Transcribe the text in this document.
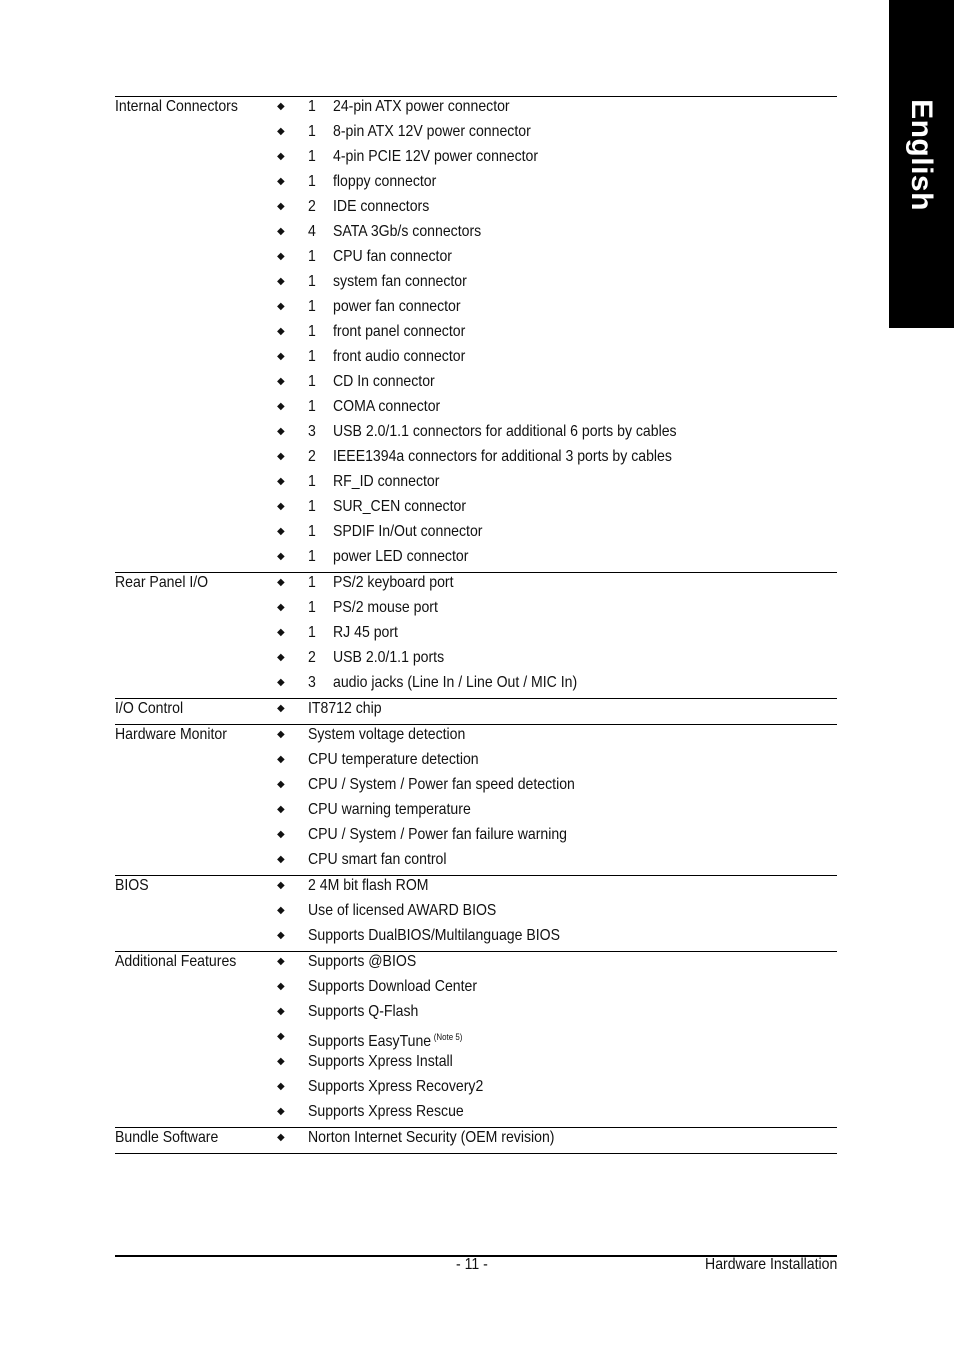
English
Internal Connectors	◆ 1 24-pin ATX power connector
◆ 1 8-pin ATX 12V power connector
◆ 1 4-pin PCIE 12V power connector
◆ 1 floppy connector
◆ 2 IDE connectors
◆ 4 SATA 3Gb/s connectors
◆ 1 CPU fan connector
◆ 1 system fan connector
◆ 1 power fan connector
◆ 1 front panel connector
◆ 1 front audio connector
◆ 1 CD In connector
◆ 1 COMA connector
◆ 3 USB 2.0/1.1 connectors for additional 6 ports by cables
◆ 2 IEEE1394a connectors for additional 3 ports by cables
◆ 1 RF_ID connector
◆ 1 SUR_CEN connector
◆ 1 SPDIF In/Out connector
◆ 1 power LED connector
Rear Panel I/O	◆ 1 PS/2 keyboard port
◆ 1 PS/2 mouse port
◆ 1 RJ 45 port
◆ 2 USB 2.0/1.1 ports
◆ 3 audio jacks (Line In / Line Out / MIC In)
I/O Control	◆ IT8712 chip
Hardware Monitor	◆ System voltage detection
◆ CPU temperature detection
◆ CPU / System / Power fan speed detection
◆ CPU warning temperature
◆ CPU / System / Power fan failure warning
◆ CPU smart fan control
BIOS	◆ 2 4M bit flash ROM
◆ Use of licensed AWARD BIOS
◆ Supports DualBIOS/Multilanguage BIOS
Additional Features	◆ Supports @BIOS
◆ Supports Download Center
◆ Supports Q-Flash
◆ Supports EasyTune $^{(Note 5)}$
◆ Supports Xpress Install
◆ Supports Xpress Recovery2
◆ Supports Xpress Rescue
Bundle Software	◆ Norton Internet Security (OEM revision)
- 11 -	Hardware Installation
